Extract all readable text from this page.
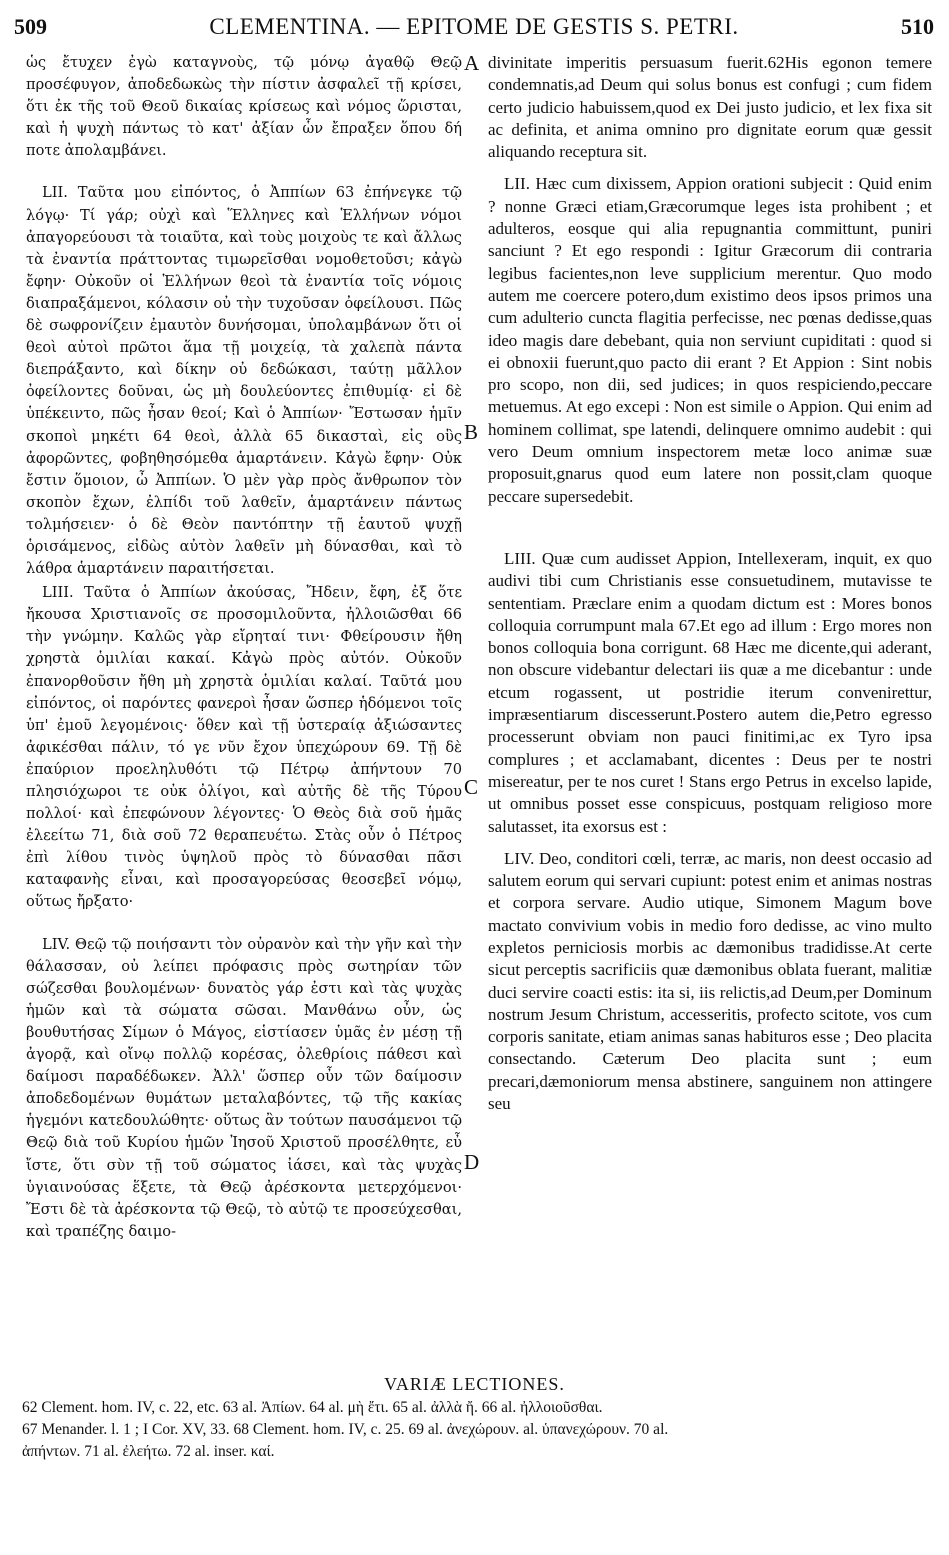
509	CLEMENTINA. — EPITOME DE GESTIS S. PETRI.	510

ὡς ἔτυχεν ἐγὼ καταγνοὺς, τῷ μόνῳ ἀγαθῷ Θεῷ προσέφυγον, ἀποδεδωκὼς τὴν πίστιν ἀσφαλεῖ τῇ κρίσει, ὅτι ἐκ τῆς τοῦ Θεοῦ δικαίας κρίσεως καὶ νόμος ὥρισται, καὶ ἡ ψυχὴ πάντως τὸ κατ' ἀξίαν ὧν ἔπραξεν ὅπου δή ποτε ἀπολαμβάνει.

LII. Ταῦτα μου εἰπόντος, ὁ Ἀππίων 63 ἐπήνεγκε τῷ λόγῳ· Τί γάρ; οὐχὶ καὶ Ἕλληνες καὶ Ἑλλήνων νόμοι ἀπαγορεύουσι τὰ τοιαῦτα, καὶ τοὺς μοιχοὺς τε καὶ ἄλλως τὰ ἐναντία πράττοντας τιμωρεῖσθαι νομοθετοῦσι; κἀγὼ ἔφην· Οὐκοῦν οἱ Ἑλλήνων θεοὶ τὰ ἐναντία τοῖς νόμοις διαπραξάμενοι, κόλασιν οὐ τὴν τυχοῦσαν ὀφείλουσι. Πῶς δὲ σωφρονίζειν ἐμαυτὸν δυνήσομαι, ὑπολαμβάνων ὅτι οἱ θεοὶ αὐτοὶ πρῶτοι ἅμα τῇ μοιχείᾳ, τὰ χαλεπὰ πάντα διεπράξαντο, καὶ δίκην οὐ δεδώκασι, ταύτῃ μᾶλλον ὀφείλοντες δοῦναι, ὡς μὴ δουλεύοντες ἐπιθυμίᾳ· εἰ δὲ ὑπέκειντο, πῶς ἦσαν θεοί; Καὶ ὁ Ἀππίων· Ἔστωσαν ἡμῖν σκοποὶ μηκέτι 64 θεοὶ, ἀλλὰ 65 δικασταὶ, εἰς οὓς ἀφορῶντες, φοβηθησόμεθα ἁμαρτάνειν. Κἀγὼ ἔφην· Οὐκ ἔστιν ὅμοιον, ὦ Ἀππίων. Ὁ μὲν γὰρ πρὸς ἄνθρωπον τὸν σκοπὸν ἔχων, ἐλπίδι τοῦ λαθεῖν, ἁμαρτάνειν πάντως τολμήσειεν· ὁ δὲ Θεὸν παντόπτην τῇ ἑαυτοῦ ψυχῇ ὁρισάμενος, εἰδὼς αὐτὸν λαθεῖν μὴ δύνασθαι, καὶ τὸ λάθρα ἁμαρτάνειν παραιτήσεται.

LIII. Ταῦτα ὁ Ἀππίων ἀκούσας, Ἤδειν, ἔφη, ἐξ ὅτε ἤκουσα Χριστιανοῖς σε προσομιλοῦντα, ἠλλοιῶσθαι 66 τὴν γνώμην. Καλῶς γὰρ εἴρηταί τινι· Φθείρουσιν ἤθη χρηστὰ ὁμιλίαι κακαί. Κἀγὼ πρὸς αὐτόν. Οὐκοῦν ἐπανορθοῦσιν ἤθη μὴ χρηστὰ ὁμιλίαι καλαί. Ταῦτά μου εἰπόντος, οἱ παρόντες φανεροὶ ἦσαν ὥσπερ ἡδόμενοι τοῖς ὑπ' ἐμοῦ λεγομένοις· ὅθεν καὶ τῇ ὑστεραίᾳ ἀξιώσαντες ἀφικέσθαι πάλιν, τό γε νῦν ἔχον ὑπεχώρουν 69. Τῇ δὲ ἐπαύριον προεληλυθότι τῷ Πέτρῳ ἀπήντουν 70 πλησιόχωροι τε οὐκ ὀλίγοι, καὶ αὐτῆς δὲ τῆς Τύρου πολλοί· καὶ ἐπεφώνουν λέγοντες· Ὁ Θεὸς διὰ σοῦ ἡμᾶς ἐλεείτω 71, διὰ σοῦ 72 θεραπευέτω. Στὰς οὖν ὁ Πέτρος ἐπὶ λίθου τινὸς ὑψηλοῦ πρὸς τὸ δύνασθαι πᾶσι καταφανὴς εἶναι, καὶ προσαγορεύσας θεοσεβεῖ νόμῳ, οὕτως ἤρξατο·

LIV. Θεῷ τῷ ποιήσαντι τὸν οὐρανὸν καὶ τὴν γῆν καὶ τὴν θάλασσαν, οὐ λείπει πρόφασις πρὸς σωτηρίαν τῶν σώζεσθαι βουλομένων· δυνατὸς γάρ ἐστι καὶ τὰς ψυχὰς ἡμῶν καὶ τὰ σώματα σῶσαι. Μανθάνω οὖν, ὡς βουθυτήσας Σίμων ὁ Μάγος, εἱστίασεν ὑμᾶς ἐν μέσῃ τῇ ἀγορᾷ, καὶ οἴνῳ πολλῷ κορέσας, ὀλεθρίοις πάθεσι καὶ δαίμοσι παραδέδωκεν. Ἀλλ' ὥσπερ οὖν τῶν δαίμοσιν ἀποδεδομένων θυμάτων μεταλαβόντες, τῷ τῆς κακίας ἡγεμόνι κατεδουλώθητε· οὕτως ἂν τούτων παυσάμενοι τῷ Θεῷ διὰ τοῦ Κυρίου ἡμῶν Ἰησοῦ Χριστοῦ προσέλθητε, εὖ ἴστε, ὅτι σὺν τῇ τοῦ σώματος ἰάσει, καὶ τὰς ψυχὰς ὑγιαινούσας ἕξετε, τὰ Θεῷ ἀρέσκοντα μετερχόμενοι· Ἔστι δὲ τὰ ἀρέσκοντα τῷ Θεῷ, τὸ αὐτῷ τε προσεύχεσθαι, καὶ τραπέζης δαιμο-

A
B
C
D

divinitate imperitis persuasum fuerit.62His egonon temere condemnatis,ad Deum qui solus bonus est confugi ; cum fidem certo judicio habuissem,quod ex Dei justo judicio, et lex fixa sit ac definita, et anima omnino pro dignitate eorum quæ gessit aliquando receptura sit.

LII. Hæc cum dixissem, Appion orationi subjecit : Quid enim ? nonne Græci etiam,Græcorumque leges ista prohibent ; et adulteros, eosque qui alia repugnantia committunt, puniri sanciunt ? Et ego respondi : Igitur Græcorum dii contraria legibus facientes,non leve supplicium merentur. Quo modo autem me coercere potero,dum existimo deos ipsos primos una cum adulterio cuncta flagitia perfecisse, nec pœnas dedisse,quas ideo magis dare debebant, quia non serviunt cupiditati : quod si ei obnoxii fuerunt,quo pacto dii erant ? Et Appion : Sint nobis pro scopo, non dii, sed judices; in quos respiciendo,peccare metuemus. At ego excepi : Non est simile o Appion. Qui enim ad hominem collimat, spe latendi, delinquere omnimo audebit : qui vero Deum omnium inspectorem metæ loco animæ suæ proposuit,gnarus quod eum latere non possit,clam quoque peccare supersedebit.

LIII. Quæ cum audisset Appion, Intellexeram, inquit, ex quo audivi tibi cum Christianis esse consuetudinem, mutavisse te sententiam. Præclare enim a quodam dictum est : Mores bonos colloquia corrumpunt mala 67.Et ego ad illum : Ergo mores non bonos colloquia bona corrigunt. 68 Hæc me dicente,qui aderant, non obscure videbantur delectari iis quæ a me dicebantur : unde etcum rogassent, ut postridie iterum convenirettur, impræsentiarum discesserunt.Postero autem die,Petro egresso processerunt obviam non pauci finitimi,ac ex Tyro ipsa complures ; et acclamabant, dicentes : Deus per te nostri misereatur, per te nos curet ! Stans ergo Petrus in excelso lapide, ut omnibus posset esse conspicuus, postquam religioso more salutasset, ita exorsus est :

LIV. Deo, conditori cœli, terræ, ac maris, non deest occasio ad salutem eorum qui servari cupiunt: potest enim et animas nostras et corpora servare. Audio utique, Simonem Magum bove mactato convivium vobis in medio foro dedisse, ac vino multo expletos perniciosis morbis ac dæmonibus tradidisse.At certe sicut perceptis sacrificiis quæ dæmonibus oblata fuerant, malitiæ duci servire coacti estis: ita si, iis relictis,ad Deum,per Dominum nostrum Jesum Christum, accesseritis, profecto scitote, vos cum corporis sanitate, etiam animas sanas habituros esse ; Deo placita consectando. Cæterum Deo placita sunt ; eum precari,dæmoniorum mensa abstinere, sanguinem non attingere seu

VARIÆ LECTIONES.

62 Clement. hom. IV, c. 22, etc. 63 al. Ἀπίων. 64 al. μὴ ἔτι. 65 al. ἀλλὰ ἤ. 66 al. ἠλλοιοῦσθαι.

67 Menander. l. 1 ; I Cor. XV, 33. 68 Clement. hom. IV, c. 25. 69 al. ἀνεχώρουν. al. ὑπανεχώρουν. 70 al.

ἀπήντων. 71 al. ἐλεήτω. 72 al. inser. καί.
